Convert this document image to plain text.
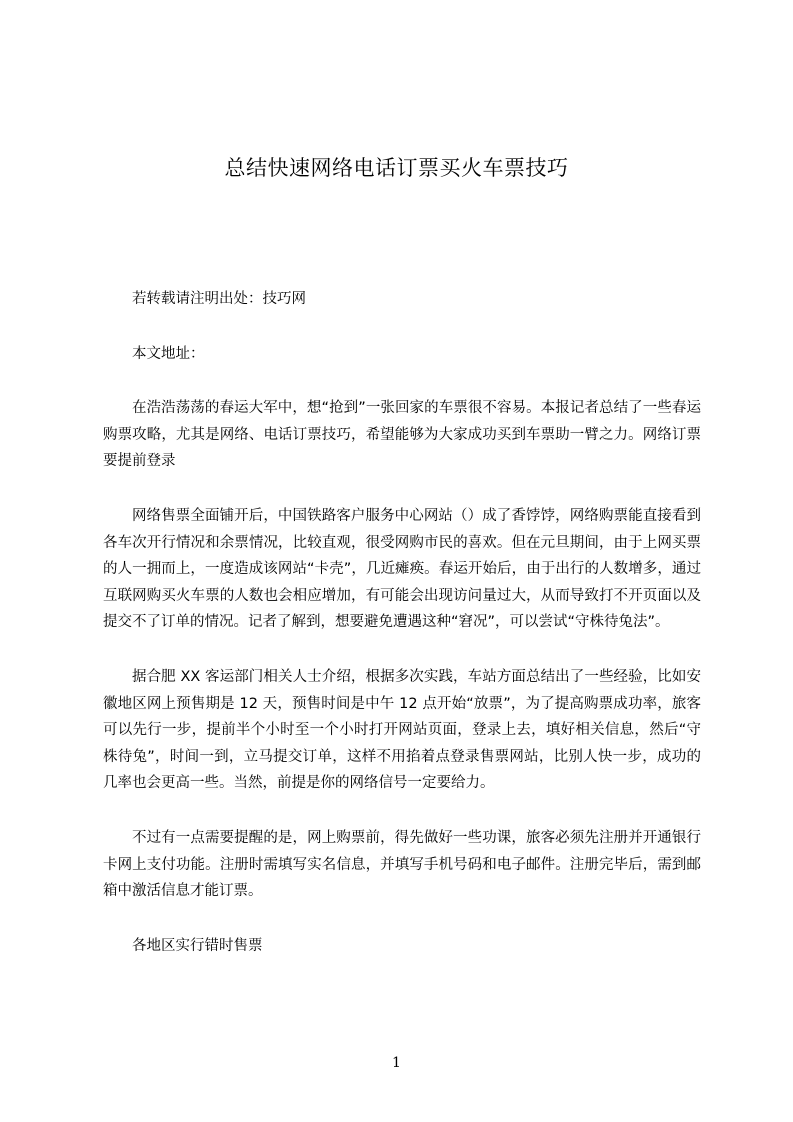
总结快速网络电话订票买火车票技巧

若转载请注明出处：技巧网

本文地址：

在浩浩荡荡的春运大军中，想“抢到”一张回家的车票很不容易。本报记者总结了一些春运购票攻略，尤其是网络、电话订票技巧，希望能够为大家成功买到车票助一臂之力。网络订票要提前登录

网络售票全面铺开后，中国铁路客户服务中心网站（）成了香饽饽，网络购票能直接看到各车次开行情况和余票情况，比较直观，很受网购市民的喜欢。但在元旦期间，由于上网买票的人一拥而上，一度造成该网站“卡壳”，几近瘫痪。春运开始后，由于出行的人数增多，通过互联网购买火车票的人数也会相应增加，有可能会出现访问量过大，从而导致打不开页面以及提交不了订单的情况。记者了解到，想要避免遭遇这种“窘况”，可以尝试“守株待兔法”。

据合肥 XX 客运部门相关人士介绍，根据多次实践，车站方面总结出了一些经验，比如安徽地区网上预售期是 12 天，预售时间是中午 12 点开始“放票”，为了提高购票成功率，旅客可以先行一步，提前半个小时至一个小时打开网站页面，登录上去，填好相关信息，然后“守株待兔”，时间一到，立马提交订单，这样不用掐着点登录售票网站，比别人快一步，成功的几率也会更高一些。当然，前提是你的网络信号一定要给力。

不过有一点需要提醒的是，网上购票前，得先做好一些功课，旅客必须先注册并开通银行卡网上支付功能。注册时需填写实名信息，并填写手机号码和电子邮件。注册完毕后，需到邮箱中激活信息才能订票。

各地区实行错时售票

1
